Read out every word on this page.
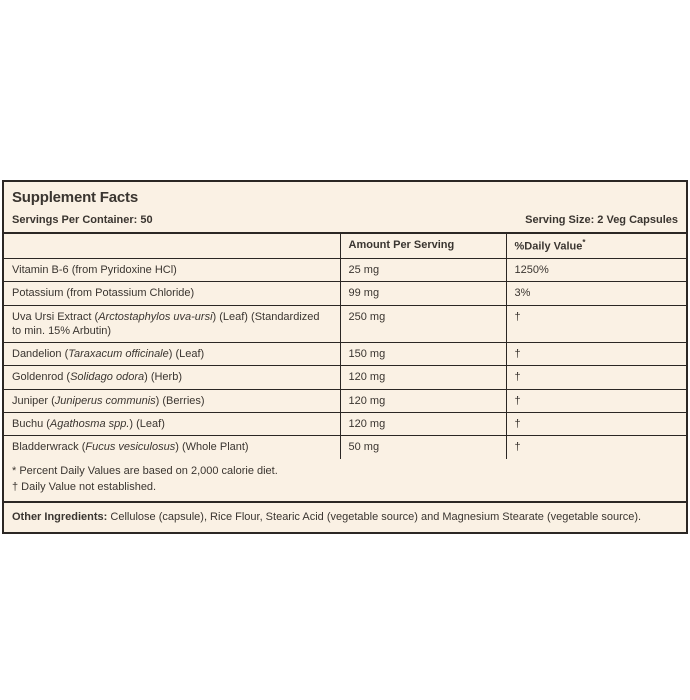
Supplement Facts
Servings Per Container: 50	Serving Size: 2 Veg Capsules
	Amount Per Serving	%Daily Value*
Vitamin B-6 (from Pyridoxine HCl)	25 mg	1250%
Potassium (from Potassium Chloride)	99 mg	3%
Uva Ursi Extract (Arctostaphylos uva-ursi) (Leaf) (Standardized to min. 15% Arbutin)	250 mg	†
Dandelion (Taraxacum officinale) (Leaf)	150 mg	†
Goldenrod (Solidago odora) (Herb)	120 mg	†
Juniper (Juniperus communis) (Berries)	120 mg	†
Buchu (Agathosma spp.) (Leaf)	120 mg	†
Bladderwrack (Fucus vesiculosus) (Whole Plant)	50 mg	†
* Percent Daily Values are based on 2,000 calorie diet.
† Daily Value not established.
Other Ingredients: Cellulose (capsule), Rice Flour, Stearic Acid (vegetable source) and Magnesium Stearate (vegetable source).
